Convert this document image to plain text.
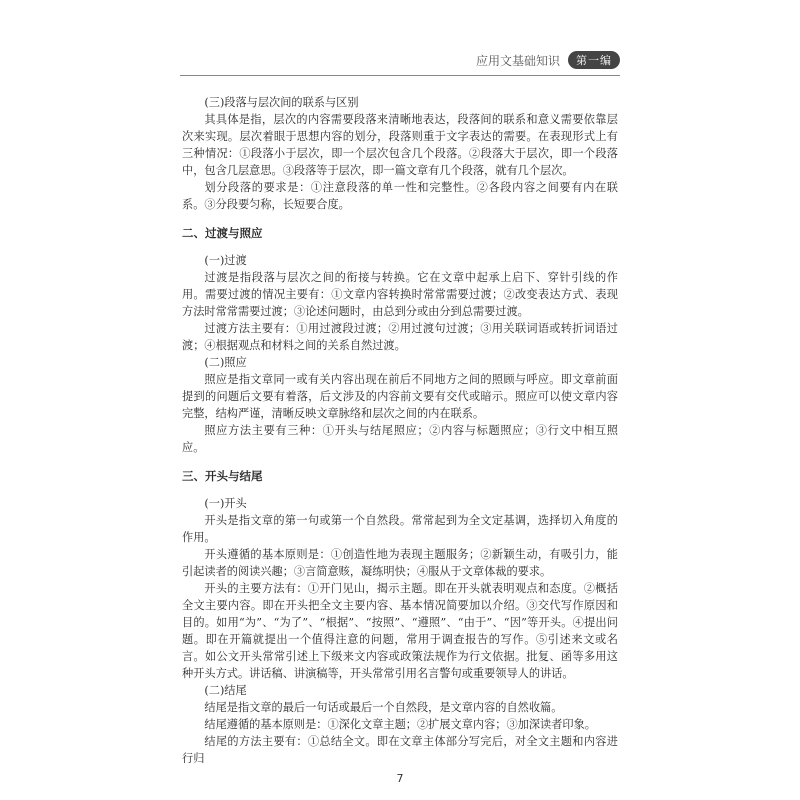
应用文基础知识	第一编

(三)段落与层次间的联系与区别

其具体是指，层次的内容需要段落来清晰地表达，段落间的联系和意义需要依靠层次来实现。层次着眼于思想内容的划分，段落则重于文字表达的需要。在表现形式上有三种情况：①段落小于层次，即一个层次包含几个段落。②段落大于层次，即一个段落中，包含几层意思。③段落等于层次，即一篇文章有几个段落，就有几个层次。

划分段落的要求是：①注意段落的单一性和完整性。②各段内容之间要有内在联系。③分段要匀称，长短要合度。

二、过渡与照应

(一)过渡

过渡是指段落与层次之间的衔接与转换。它在文章中起承上启下、穿针引线的作用。需要过渡的情况主要有：①文章内容转换时常常需要过渡；②改变表达方式、表现方法时常常需要过渡；③论述问题时，由总到分或由分到总需要过渡。

过渡方法主要有：①用过渡段过渡；②用过渡句过渡；③用关联词语或转折词语过渡；④根据观点和材料之间的关系自然过渡。

(二)照应

照应是指文章同一或有关内容出现在前后不同地方之间的照顾与呼应。即文章前面提到的问题后文要有着落，后文涉及的内容前文要有交代或暗示。照应可以使文章内容完整，结构严谨，清晰反映文章脉络和层次之间的内在联系。

照应方法主要有三种：①开头与结尾照应；②内容与标题照应；③行文中相互照应。

三、开头与结尾

(一)开头

开头是指文章的第一句或第一个自然段。常常起到为全文定基调，选择切入角度的作用。

开头遵循的基本原则是：①创造性地为表现主题服务；②新颖生动，有吸引力，能引起读者的阅读兴趣；③言简意赅，凝练明快；④服从于文章体裁的要求。

开头的主要方法有：①开门见山，揭示主题。即在开头就表明观点和态度。②概括全文主要内容。即在开头把全文主要内容、基本情况简要加以介绍。③交代写作原因和目的。如用“为”、“为了”、“根据”、“按照”、“遵照”、“由于”、“因”等开头。④提出问题。即在开篇就提出一个值得注意的问题，常用于调查报告的写作。⑤引述来文或名言。如公文开头常常引述上下级来文内容或政策法规作为行文依据。批复、函等多用这种开头方式。讲话稿、讲演稿等，开头常常引用名言警句或重要领导人的讲话。

(二)结尾

结尾是指文章的最后一句话或最后一个自然段，是文章内容的自然收篇。

结尾遵循的基本原则是：①深化文章主题；②扩展文章内容；③加深读者印象。

结尾的方法主要有：①总结全文。即在文章主体部分写完后，对全文主题和内容进行归

7
